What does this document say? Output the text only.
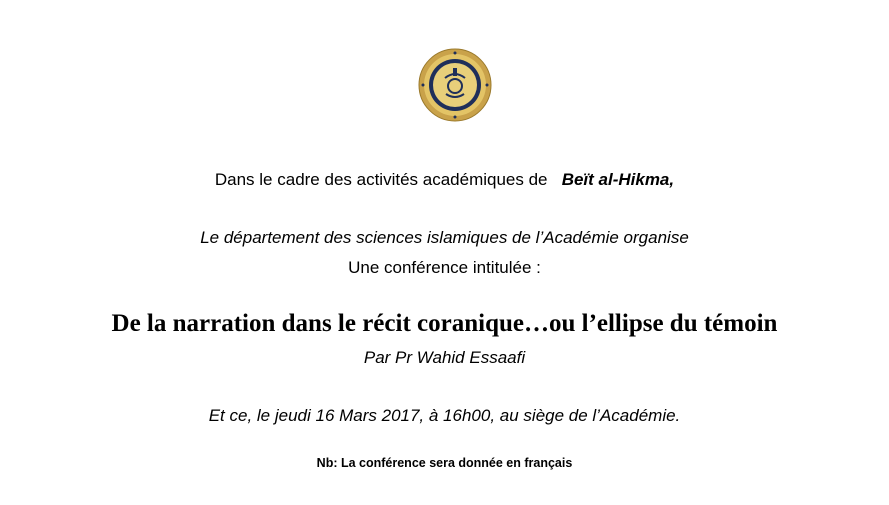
Dans le cadre des activités académiques de Beït al-Hikma,
Le département des sciences islamiques de l’Académie organise
Une conférence intitulée :
De la narration dans le récit coranique…ou l’ellipse du témoin
Par Pr Wahid Essaafi
Et ce, le jeudi 16 Mars 2017, à 16h00, au siège de l’Académie.
Nb: La conférence sera donnée en français
